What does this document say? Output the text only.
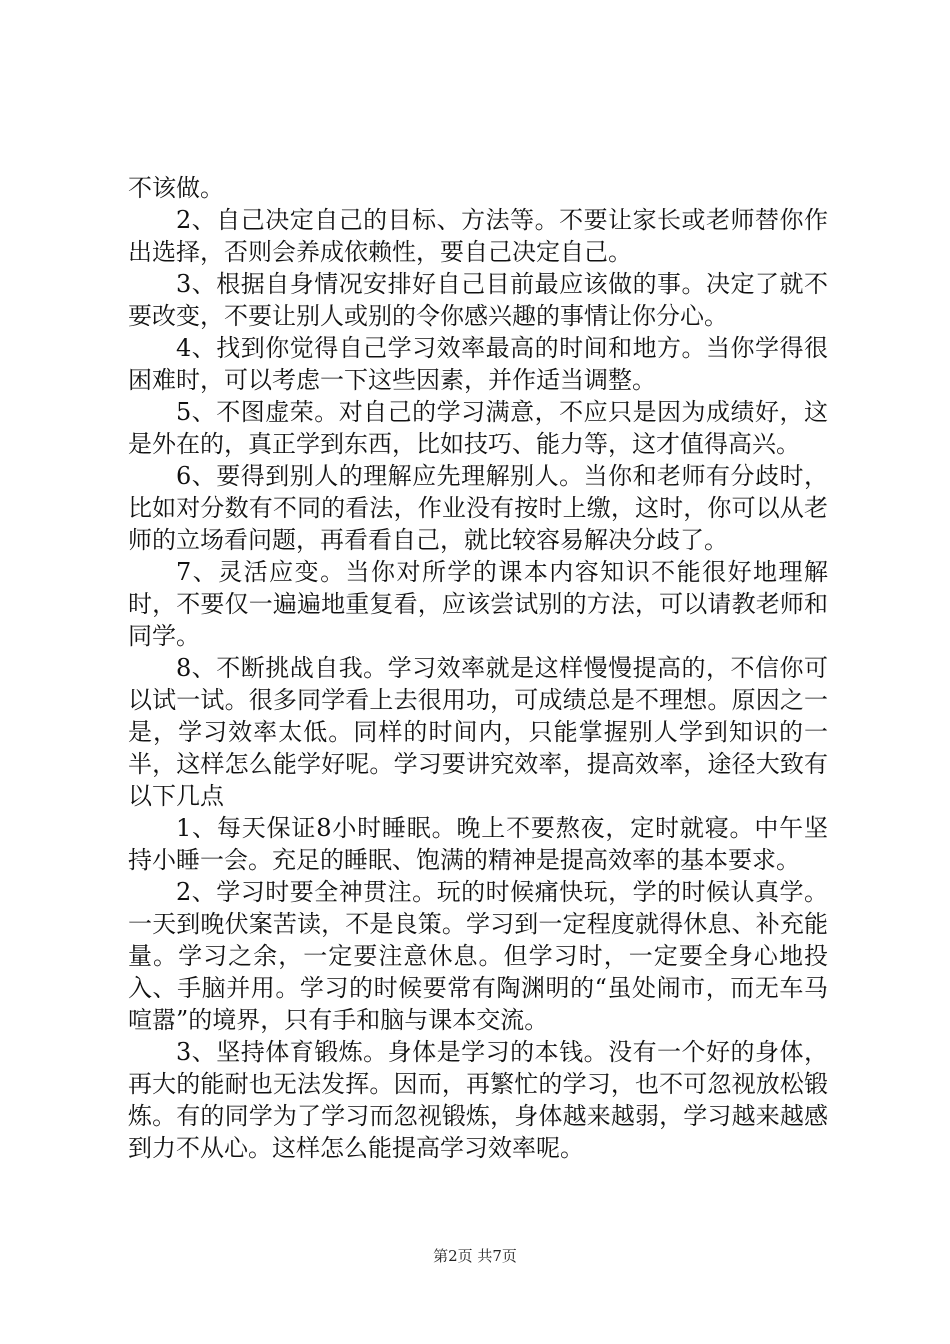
不该做。

2、自己决定自己的目标、方法等。不要让家长或老师替你作出选择，否则会养成依赖性，要自己决定自己。

3、根据自身情况安排好自己目前最应该做的事。决定了就不要改变，不要让别人或别的令你感兴趣的事情让你分心。

4、找到你觉得自己学习效率最高的时间和地方。当你学得很困难时，可以考虑一下这些因素，并作适当调整。

5、不图虚荣。对自己的学习满意，不应只是因为成绩好，这是外在的，真正学到东西，比如技巧、能力等，这才值得高兴。

6、要得到别人的理解应先理解别人。当你和老师有分歧时，比如对分数有不同的看法，作业没有按时上缴，这时，你可以从老师的立场看问题，再看看自己，就比较容易解决分歧了。

7、灵活应变。当你对所学的课本内容知识不能很好地理解时，不要仅一遍遍地重复看，应该尝试别的方法，可以请教老师和同学。

8、不断挑战自我。学习效率就是这样慢慢提高的，不信你可以试一试。很多同学看上去很用功，可成绩总是不理想。原因之一是，学习效率太低。同样的时间内，只能掌握别人学到知识的一半，这样怎么能学好呢。学习要讲究效率，提高效率，途径大致有以下几点

1、每天保证8小时睡眠。晚上不要熬夜，定时就寝。中午坚持小睡一会。充足的睡眠、饱满的精神是提高效率的基本要求。

2、学习时要全神贯注。玩的时候痛快玩，学的时候认真学。一天到晚伏案苦读，不是良策。学习到一定程度就得休息、补充能量。学习之余，一定要注意休息。但学习时，一定要全身心地投入、手脑并用。学习的时候要常有陶渊明的“虽处闹市，而无车马喧嚣”的境界，只有手和脑与课本交流。

3、坚持体育锻炼。身体是学习的本钱。没有一个好的身体，再大的能耐也无法发挥。因而，再繁忙的学习，也不可忽视放松锻炼。有的同学为了学习而忽视锻炼，身体越来越弱，学习越来越感到力不从心。这样怎么能提高学习效率呢。

第2页 共7页
